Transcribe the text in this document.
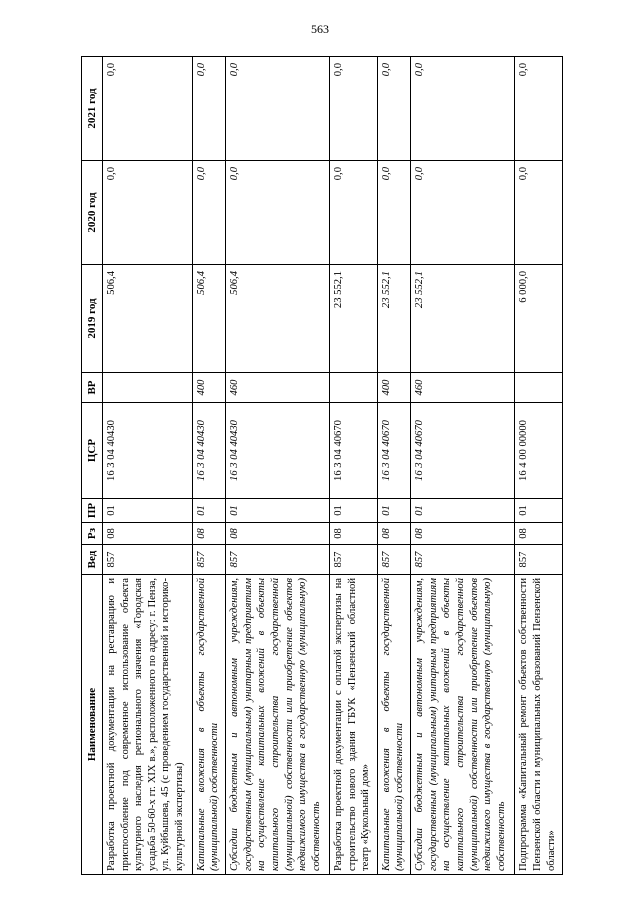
563
Наименование	Вед	Рз	ПР	ЦСР	ВР	2019 год	2020 год	2021 год
Разработка проектной документации на реставрацию и приспособление под современное использование объекта культурного наследия регионального значения «Городская усадьба 50-60-х гг. XIX в.», расположенного по адресу: г. Пенза, ул. Куйбышева, 45 (с проведением государственной и историко-культурной экспертизы)	857	08	01	16 3 04 40430		506,4	0,0	0,0
Капитальные вложения в объекты государственной (муниципальной) собственности	857	08	01	16 3 04 40430	400	506,4	0,0	0,0
Субсидии бюджетным и автономным учреждениям, государственным (муниципальным) унитарным предприятиям на осуществление капитальных вложений в объекты капитального строительства государственной (муниципальной) собственности или приобретение объектов недвижимого имущества в государственную (муниципальную) собственность	857	08	01	16 3 04 40430	460	506,4	0,0	0,0
Разработка проектной документации с оплатой экспертизы на строительство нового здания ГБУК «Пензенский областной театр «Кукольный дом»	857	08	01	16 3 04 40670		23 552,1	0,0	0,0
Капитальные вложения в объекты государственной (муниципальной) собственности	857	08	01	16 3 04 40670	400	23 552,1	0,0	0,0
Субсидии бюджетным и автономным учреждениям, государственным (муниципальным) унитарным предприятиям на осуществление капитальных вложений в объекты капитального строительства государственной (муниципальной) собственности или приобретение объектов недвижимого имущества в государственную (муниципальную) собственность	857	08	01	16 3 04 40670	460	23 552,1	0,0	0,0
Подпрограмма «Капитальный ремонт объектов собственности Пензенской области и муниципальных образований Пензенской области»	857	08	01	16 4 00 00000		6 000,0	0,0	0,0
